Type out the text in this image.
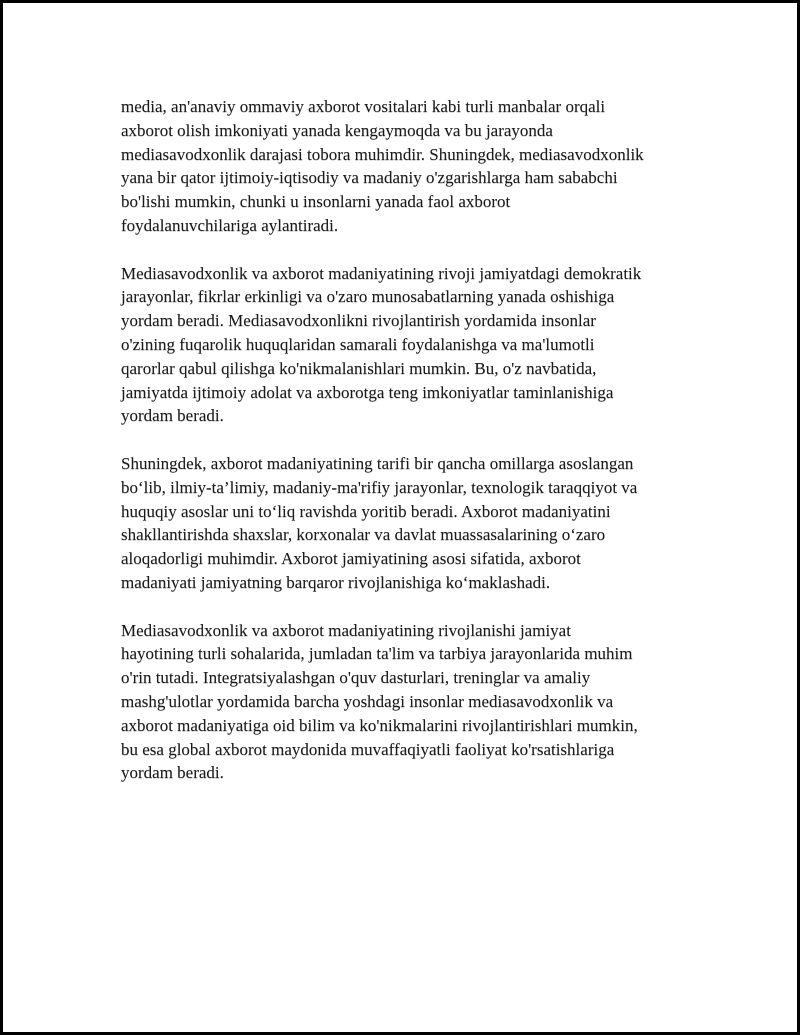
media, an'anaviy ommaviy axborot vositalari kabi turli manbalar orqali
axborot olish imkoniyati yanada kengaymoqda va bu jarayonda
mediasavodxonlik darajasi tobora muhimdir. Shuningdek, mediasavodxonlik
yana bir qator ijtimoiy-iqtisodiy va madaniy o'zgarishlarga ham sababchi
bo'lishi mumkin, chunki u insonlarni yanada faol axborot
foydalanuvchilariga aylantiradi.

Mediasavodxonlik va axborot madaniyatining rivoji jamiyatdagi demokratik
jarayonlar, fikrlar erkinligi va o'zaro munosabatlarning yanada oshishiga
yordam beradi. Mediasavodxonlikni rivojlantirish yordamida insonlar
o'zining fuqarolik huquqlaridan samarali foydalanishga va ma'lumotli
qarorlar qabul qilishga ko'nikmalanishlari mumkin. Bu, o'z navbatida,
jamiyatda ijtimoiy adolat va axborotga teng imkoniyatlar taminlanishiga
yordam beradi.

Shuningdek, axborot madaniyatining tarifi bir qancha omillarga asoslangan
bo‘lib, ilmiy-ta’limiy, madaniy-ma'rifiy jarayonlar, texnologik taraqqiyot va
huquqiy asoslar uni to‘liq ravishda yoritib beradi. Axborot madaniyatini
shakllantirishda shaxslar, korxonalar va davlat muassasalarining o‘zaro
aloqadorligi muhimdir. Axborot jamiyatining asosi sifatida, axborot
madaniyati jamiyatning barqaror rivojlanishiga ko‘maklashadi.

Mediasavodxonlik va axborot madaniyatining rivojlanishi jamiyat
hayotining turli sohalarida, jumladan ta'lim va tarbiya jarayonlarida muhim
o'rin tutadi. Integratsiyalashgan o'quv dasturlari, treninglar va amaliy
mashg'ulotlar yordamida barcha yoshdagi insonlar mediasavodxonlik va
axborot madaniyatiga oid bilim va ko'nikmalarini rivojlantirishlari mumkin,
bu esa global axborot maydonida muvaffaqiyatli faoliyat ko'rsatishlariga
yordam beradi.
